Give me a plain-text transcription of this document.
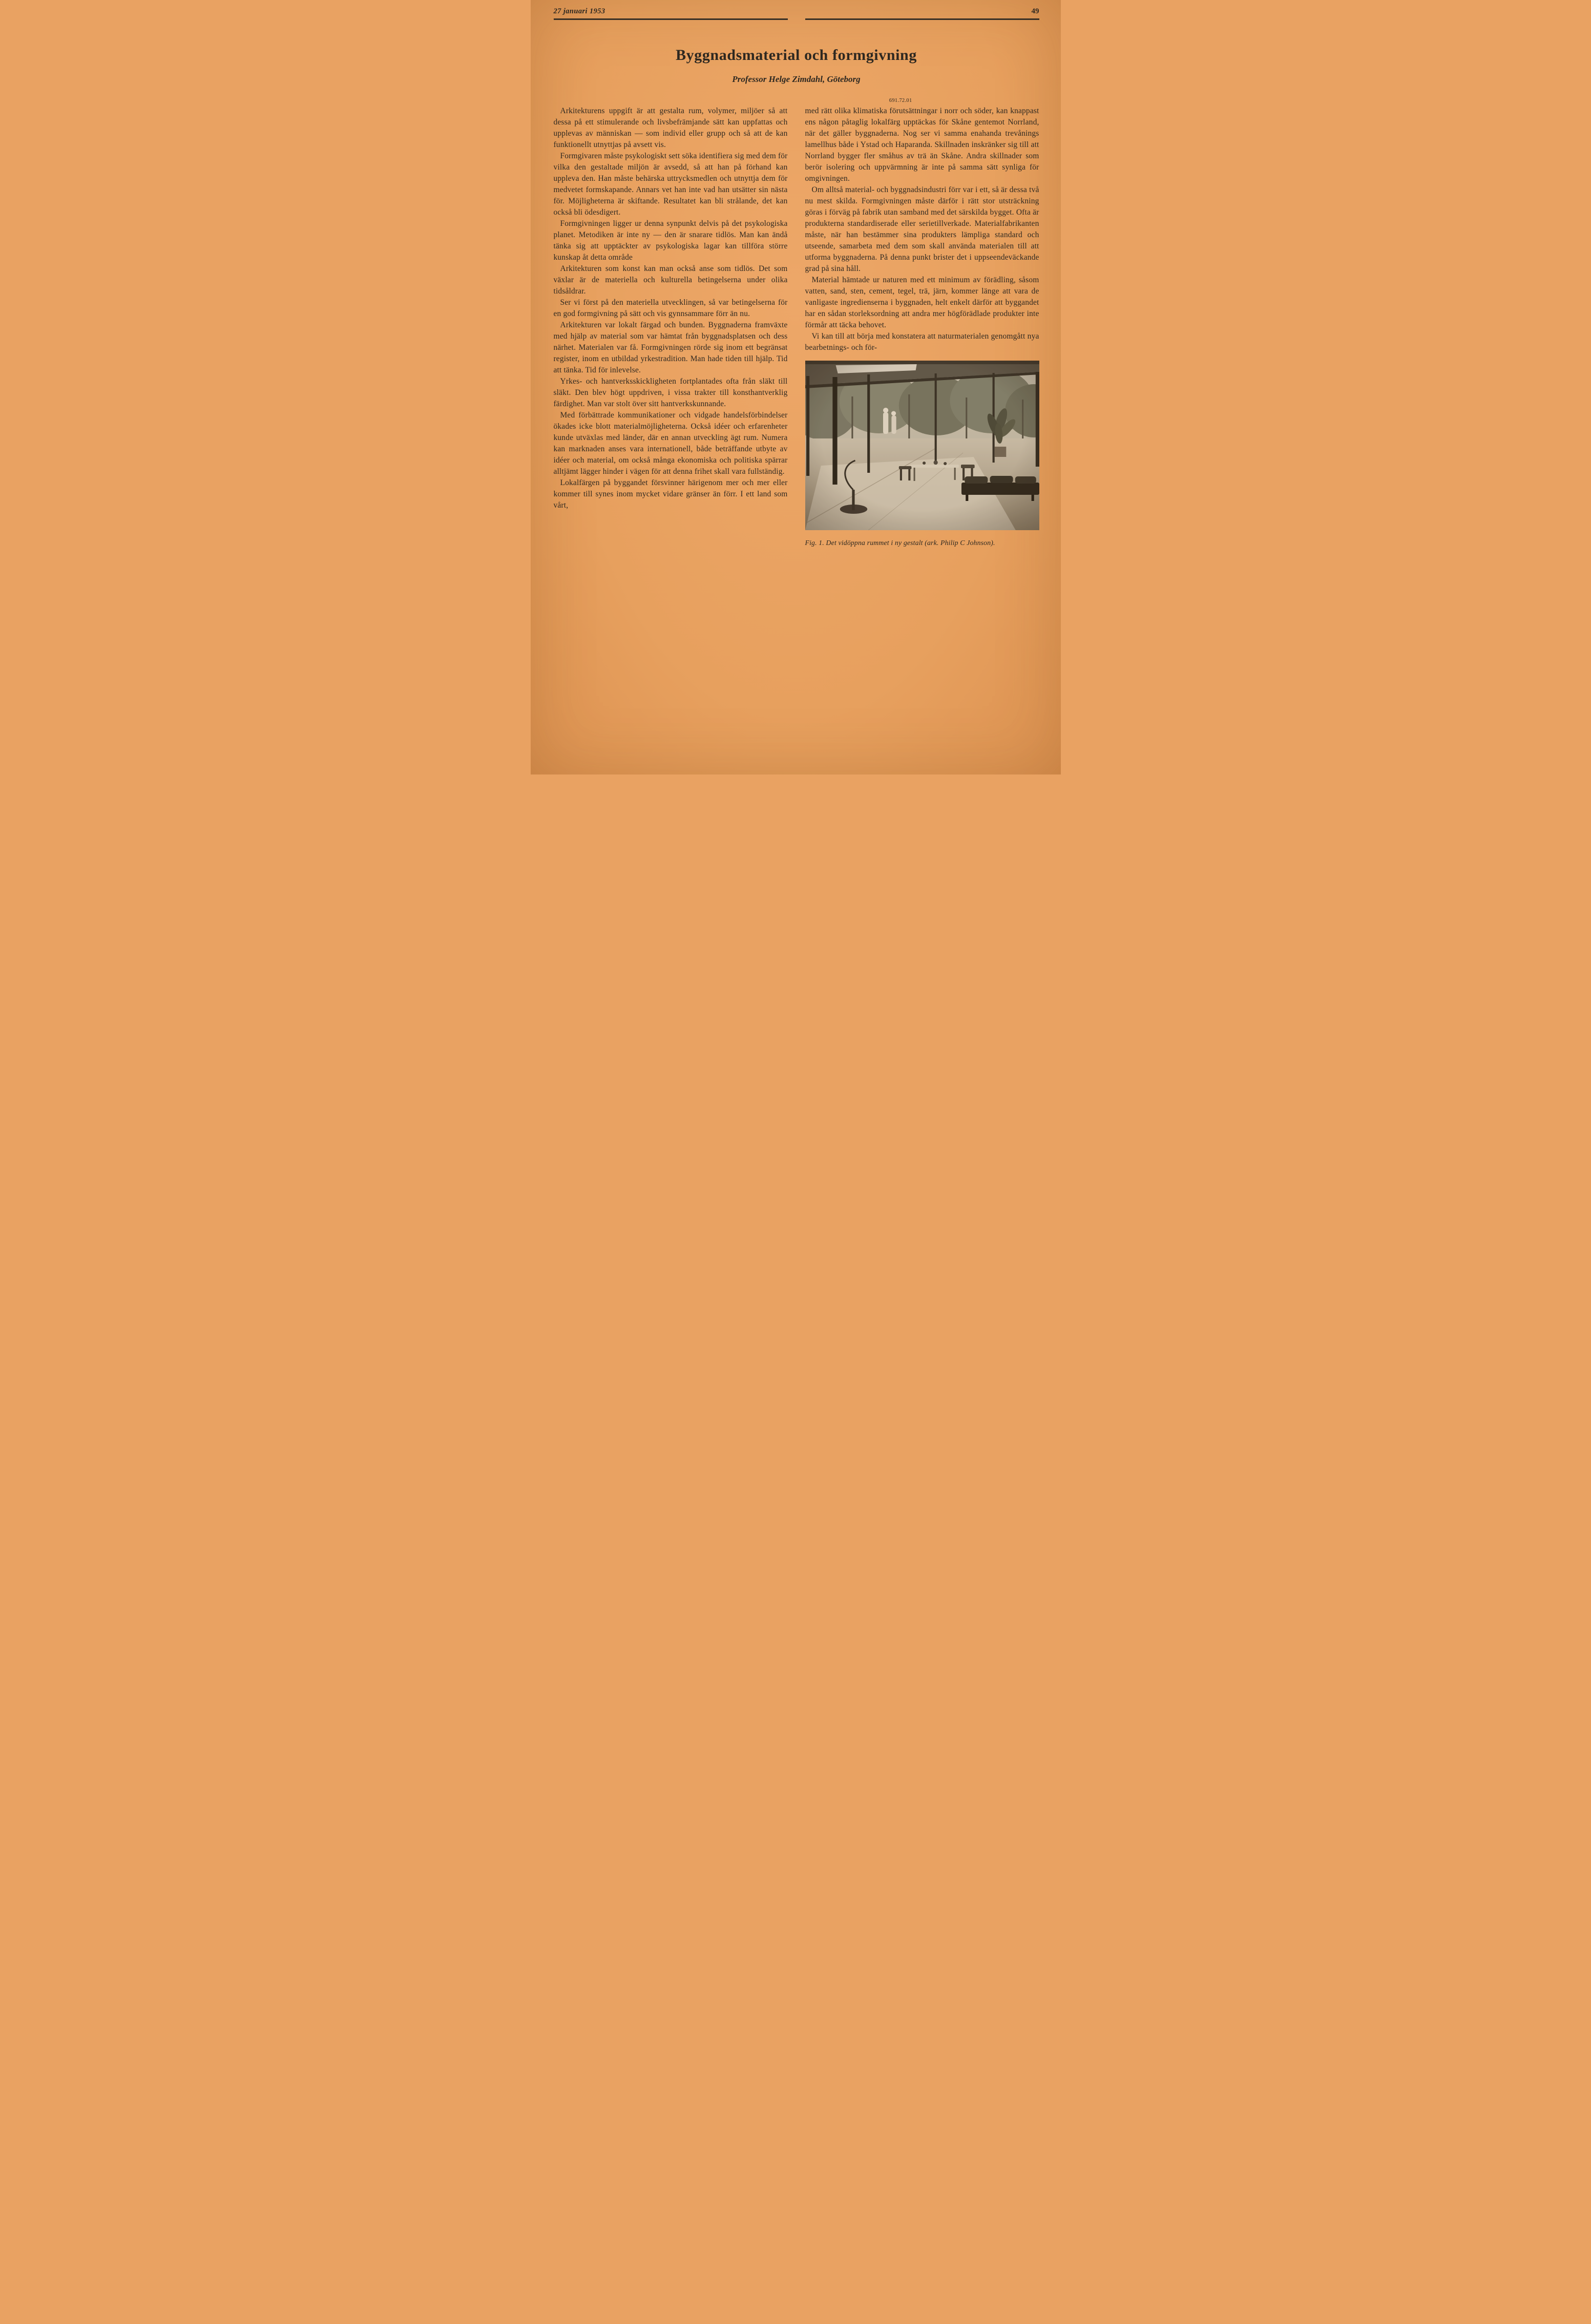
27 januari 1953	49
Byggnadsmaterial och formgivning
Professor Helge Zimdahl, Göteborg
691.72.01

Arkitekturens uppgift är att gestalta rum, volymer, miljöer så att dessa på ett stimulerande och livsbefrämjande sätt kan uppfattas och upplevas av människan — som individ eller grupp och så att de kan funktionellt utnyttjas på avsett vis.

Formgivaren måste psykologiskt sett söka identifiera sig med dem för vilka den gestaltade miljön är avsedd, så att han på förhand kan uppleva den. Han måste behärska uttrycksmedlen och utnyttja dem för medvetet formskapande. Annars vet han inte vad han utsätter sin nästa för. Möjligheterna är skiftande. Resultatet kan bli strålande, det kan också bli ödesdigert.

Formgivningen ligger ur denna synpunkt delvis på det psykologiska planet. Metodiken är inte ny — den är snarare tidlös. Man kan ändå tänka sig att upptäckter av psykologiska lagar kan tillföra större kunskap åt detta område

Arkitekturen som konst kan man också anse som tidlös. Det som växlar är de materiella och kulturella betingelserna under olika tidsåldrar.

Ser vi först på den materiella utvecklingen, så var betingelserna för en god formgivning på sätt och vis gynnsammare förr än nu.

Arkitekturen var lokalt färgad och bunden. Byggnaderna framväxte med hjälp av material som var hämtat från byggnadsplatsen och dess närhet. Materialen var få. Formgivningen rörde sig inom ett begränsat register, inom en utbildad yrkestradition. Man hade tiden till hjälp. Tid att tänka. Tid för inlevelse.

Yrkes- och hantverksskickligheten fortplantades ofta från släkt till släkt. Den blev högt uppdriven, i vissa trakter till konsthantverklig färdighet. Man var stolt över sitt hantverkskunnande.

Med förbättrade kommunikationer och vidgade handelsförbindelser ökades icke blott materialmöjligheterna. Också idéer och erfarenheter kunde utväxlas med länder, där en annan utveckling ägt rum. Numera kan marknaden anses vara internationell, både beträffande utbyte av idéer och material, om också många ekonomiska och politiska spärrar alltjämt lägger hinder i vägen för att denna frihet skall vara fullständig.

Lokalfärgen på byggandet försvinner härigenom mer och mer eller kommer till synes inom mycket vidare gränser än förr. I ett land som vårt,

med rätt olika klimatiska förutsättningar i norr och söder, kan knappast ens någon påtaglig lokalfärg upptäckas för Skåne gentemot Norrland, när det gäller byggnaderna. Nog ser vi samma enahanda trevånings lamellhus både i Ystad och Haparanda. Skillnaden inskränker sig till att Norrland bygger fler småhus av trä än Skåne. Andra skillnader som berör isolering och uppvärmning är inte på samma sätt synliga för omgivningen.

Om alltså material- och byggnadsindustri förr var i ett, så är dessa två nu mest skilda. Formgivningen måste därför i rätt stor utsträckning göras i förväg på fabrik utan samband med det särskilda bygget. Ofta är produkterna standardiserade eller serietillverkade. Materialfabrikanten måste, när han bestämmer sina produkters lämpliga standard och utseende, samarbeta med dem som skall använda materialen till att utforma byggnaderna. På denna punkt brister det i uppseendeväckande grad på sina håll.

Material hämtade ur naturen med ett minimum av förädling, såsom vatten, sand, sten, cement, tegel, trä, järn, kommer länge att vara de vanligaste ingredienserna i byggnaden, helt enkelt därför att byggandet har en sådan storleksordning att andra mer högförädlade produkter inte förmår att täcka behovet.

Vi kan till att börja med konstatera att naturmaterialen genomgått nya bearbetnings- och för-

Fig. 1. Det vidöppna rummet i ny gestalt (ark. Philip C Johnson).
